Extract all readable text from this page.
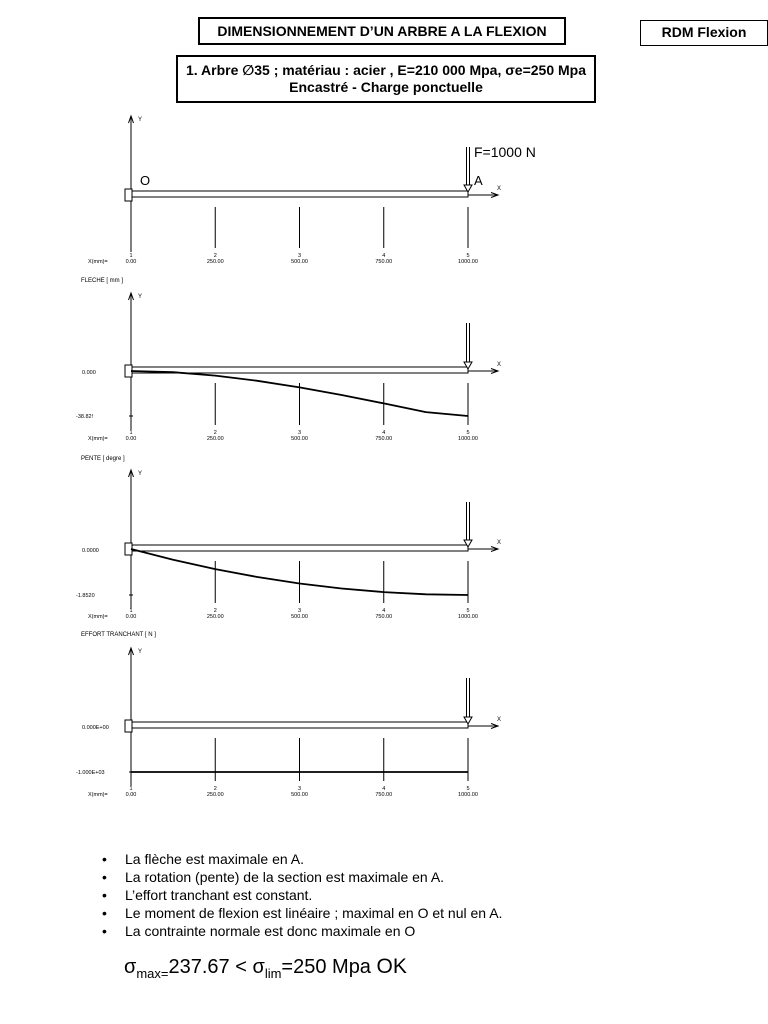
DIMENSIONNEMENT D’UN ARBRE A LA FLEXION	RDM Flexion
1. Arbre ∅35 ; matériau : acier , E=210 000 Mpa, σe=250 Mpa
Encastré - Charge ponctuelle
Y
X
X(mm)=
1
0.00
2
250.00
3
500.00
4
750.00
5
1000.00
F=1000 N
O	A
FLECHE [ mm ]
Y
X
X(mm)=
1
0.00
2
250.00
3
500.00
4
750.00
5
1000.00
0.000
-38.82!
PENTE [ degre ]
Y
X
X(mm)=
1
0.00
2
250.00
3
500.00
4
750.00
5
1000.00
0.0000
-1.8520
EFFORT TRANCHANT [ N ]
Y
X
X(mm)=
1
0.00
2
250.00
3
500.00
4
750.00
5
1000.00
0.000E+00
-1.000E+03
• La flèche est maximale en A.
• La rotation (pente) de la section est maximale en A.
• L’effort tranchant est constant.
• Le moment de flexion est linéaire ; maximal en O et nul en A.
• La contrainte normale est donc maximale en O
$\sigma_{max=}237.67 < \sigma_{lim}=250$ Mpa OK
